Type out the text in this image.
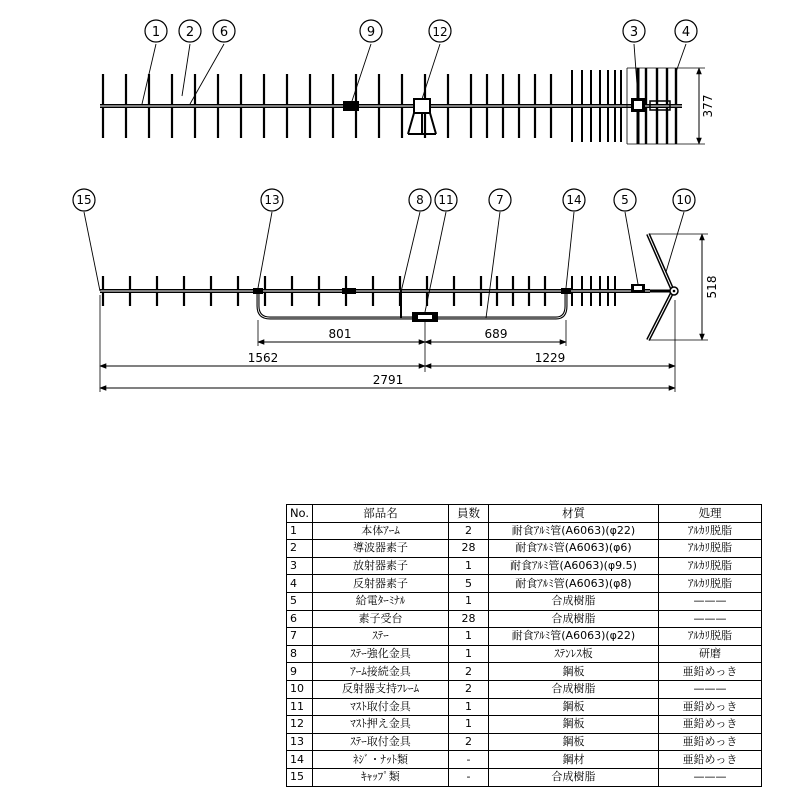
377
1 2 6	9	12	3	4
518
15	13	8 11	7	14	5	10
801	689
1562	1229
2791
No.	部品名	員数	材質	処理
1	本体ｱｰﾑ	2	耐食ｱﾙﾐ管(A6063)(φ22)	ｱﾙｶﾘ脱脂
2	導波器素子	28	耐食ｱﾙﾐ管(A6063)(φ6)	ｱﾙｶﾘ脱脂
3	放射器素子	1	耐食ｱﾙﾐ管(A6063)(φ9.5)	ｱﾙｶﾘ脱脂
4	反射器素子	5	耐食ｱﾙﾐ管(A6063)(φ8)	ｱﾙｶﾘ脱脂
5	給電ﾀｰﾐﾅﾙ	1	合成樹脂	———
6	素子受台	28	合成樹脂	———
7	ｽﾃｰ	1	耐食ｱﾙﾐ管(A6063)(φ22)	ｱﾙｶﾘ脱脂
8	ｽﾃｰ強化金具	1	ｽﾃﾝﾚｽ板	研磨
9	ｱｰﾑ接続金具	2	鋼板	亜鉛めっき
10	反射器支持ﾌﾚｰﾑ	2	合成樹脂	———
11	ﾏｽﾄ取付金具	1	鋼板	亜鉛めっき
12	ﾏｽﾄ押え金具	1	鋼板	亜鉛めっき
13	ｽﾃｰ取付金具	2	鋼板	亜鉛めっき
14	ﾈｼﾞ・ﾅｯﾄ類	-	鋼材	亜鉛めっき
15	ｷｬｯﾌﾟ類	-	合成樹脂	———
